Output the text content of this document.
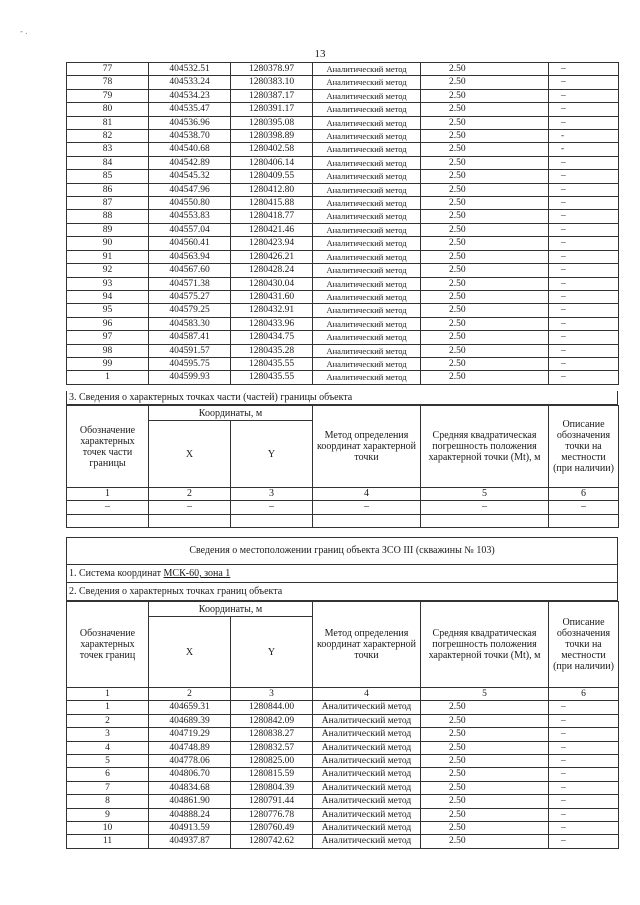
- .
13
77	404532.51	1280378.97	Аналитический метод	2.50	–
78	404533.24	1280383.10	Аналитический метод	2.50	–
79	404534.23	1280387.17	Аналитический метод	2.50	–
80	404535.47	1280391.17	Аналитический метод	2.50	–
81	404536.96	1280395.08	Аналитический метод	2.50	–
82	404538.70	1280398.89	Аналитический метод	2.50	-
83	404540.68	1280402.58	Аналитический метод	2.50	-
84	404542.89	1280406.14	Аналитический метод	2.50	–
85	404545.32	1280409.55	Аналитический метод	2.50	–
86	404547.96	1280412.80	Аналитический метод	2.50	–
87	404550.80	1280415.88	Аналитический метод	2.50	–
88	404553.83	1280418.77	Аналитический метод	2.50	–
89	404557.04	1280421.46	Аналитический метод	2.50	–
90	404560.41	1280423.94	Аналитический метод	2.50	–
91	404563.94	1280426.21	Аналитический метод	2.50	–
92	404567.60	1280428.24	Аналитический метод	2.50	–
93	404571.38	1280430.04	Аналитический метод	2.50	–
94	404575.27	1280431.60	Аналитический метод	2.50	–
95	404579.25	1280432.91	Аналитический метод	2.50	–
96	404583.30	1280433.96	Аналитический метод	2.50	–
97	404587.41	1280434.75	Аналитический метод	2.50	–
98	404591.57	1280435.28	Аналитический метод	2.50	–
99	404595.75	1280435.55	Аналитический метод	2.50	–
1	404599.93	1280435.55	Аналитический метод	2.50	–
3. Сведения о характерных точках части (частей) границы объекта
Обозначение характерных точек части границы	Координаты, м		Метод определения координат характерной точки	Средняя квадратическая погрешность положения характерной точки (Mt), м	Описание обозначения точки на местности (при наличии)
	X	Y			
1	2	3	4	5	6
–	–	–	–	–	–

Сведения о местоположении границ объекта ЗСО III (скважины № 103)
1. Система координат МСК-60, зона 1
2. Сведения о характерных точках границ объекта
Обозначение характерных точек границ	Координаты, м		Метод определения координат характерной точки	Средняя квадратическая погрешность положения характерной точки (Mt), м	Описание обозначения точки на местности (при наличии)
	X	Y			
1	2	3	4	5	6
1	404659.31	1280844.00	Аналитический метод	2.50	–
2	404689.39	1280842.09	Аналитический метод	2.50	–
3	404719.29	1280838.27	Аналитический метод	2.50	–
4	404748.89	1280832.57	Аналитический метод	2.50	–
5	404778.06	1280825.00	Аналитический метод	2.50	–
6	404806.70	1280815.59	Аналитический метод	2.50	–
7	404834.68	1280804.39	Аналитический метод	2.50	–
8	404861.90	1280791.44	Аналитический метод	2.50	–
9	404888.24	1280776.78	Аналитический метод	2.50	–
10	404913.59	1280760.49	Аналитический метод	2.50	–
11	404937.87	1280742.62	Аналитический метод	2.50	–
